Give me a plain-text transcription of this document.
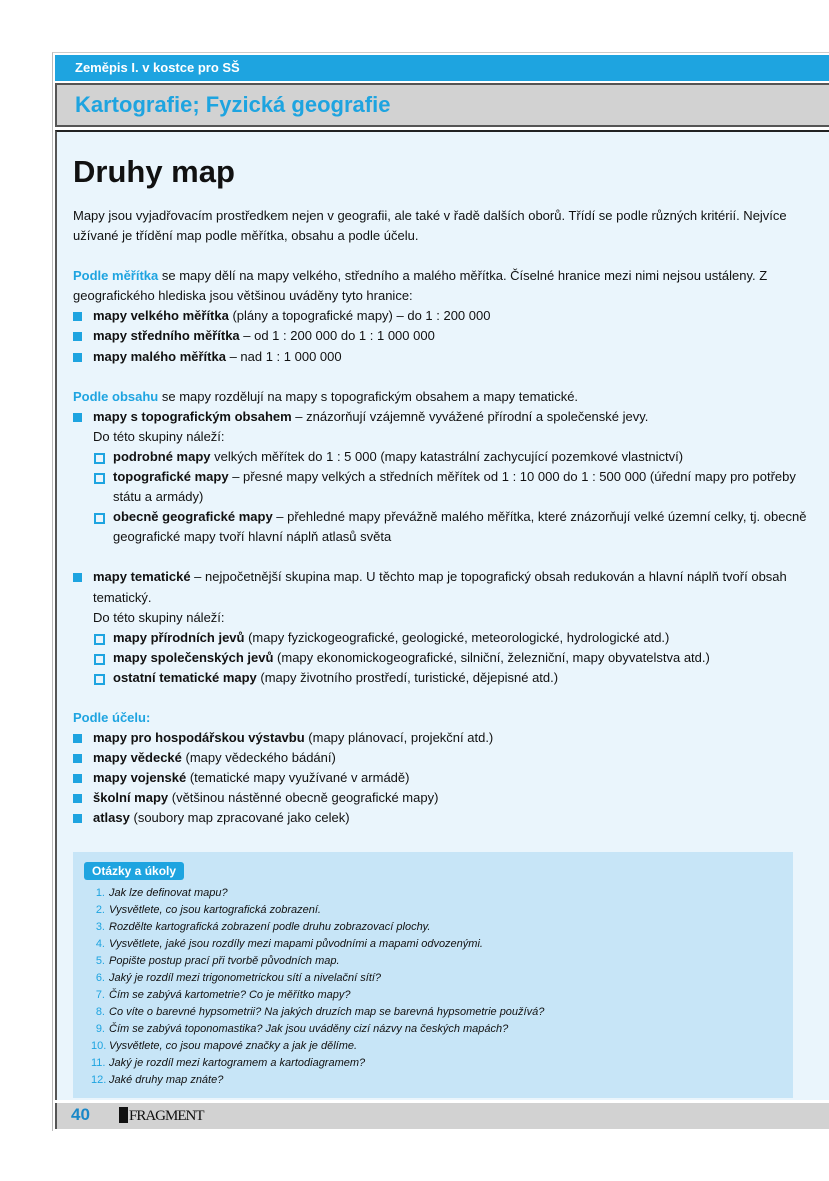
Zeměpis I. v kostce pro SŠ
Kartografie; Fyzická geografie
40	FRAGMENT
Druhy map

Mapy jsou vyjadřovacím prostředkem nejen v geografii, ale také v řadě dalších oborů. Třídí se podle různých kritérií. Nejvíce užívané je třídění map podle měřítka, obsahu a podle účelu.

Podle měřítka se mapy dělí na mapy velkého, středního a malého měřítka. Číselné hranice mezi nimi nejsou ustáleny. Z geografického hlediska jsou většinou uváděny tyto hranice:

mapy velkého měřítka (plány a topografické mapy) – do 1 : 200 000
mapy středního měřítka – od 1 : 200 000 do 1 : 1 000 000
mapy malého měřítka – nad 1 : 1 000 000

Podle obsahu se mapy rozdělují na mapy s topografickým obsahem a mapy tematické.

mapy s topografickým obsahem – znázorňují vzájemně vyvážené přírodní a společenské jevy.
Do této skupiny náleží:
podrobné mapy velkých měřítek do 1 : 5 000 (mapy katastrální zachycující pozemkové vlastnictví)
topografické mapy – přesné mapy velkých a středních měřítek od 1 : 10 000 do 1 : 500 000 (úřední mapy pro potřeby státu a armády)
obecně geografické mapy – přehledné mapy převážně malého měřítka, které znázorňují velké územní celky, tj. obecně geografické mapy tvoří hlavní náplň atlasů světa
mapy tematické – nejpočetnější skupina map. U těchto map je topografický obsah redukován a hlavní náplň tvoří obsah tematický.
Do této skupiny náleží:
mapy přírodních jevů (mapy fyzickogeografické, geologické, meteorologické, hydrologické atd.)
mapy společenských jevů (mapy ekonomickogeografické, silniční, železniční, mapy obyvatelstva atd.)
ostatní tematické mapy (mapy životního prostředí, turistické, dějepisné atd.)

Podle účelu:

mapy pro hospodářskou výstavbu (mapy plánovací, projekční atd.)
mapy vědecké (mapy vědeckého bádání)
mapy vojenské (tematické mapy využívané v armádě)
školní mapy (většinou nástěnné obecně geografické mapy)
atlasy (soubory map zpracované jako celek)
Otázky a úkoly
1. Jak lze definovat mapu?
2. Vysvětlete, co jsou kartografická zobrazení.
3. Rozdělte kartografická zobrazení podle druhu zobrazovací plochy.
4. Vysvětlete, jaké jsou rozdíly mezi mapami původními a mapami odvozenými.
5. Popište postup prací při tvorbě původních map.
6. Jaký je rozdíl mezi trigonometrickou sítí a nivelační sítí?
7. Čím se zabývá kartometrie? Co je měřítko mapy?
8. Co víte o barevné hypsometrii? Na jakých druzích map se barevná hypsometrie používá?
9. Čím se zabývá toponomastika? Jak jsou uváděny cizí názvy na českých mapách?
10. Vysvětlete, co jsou mapové značky a jak je dělíme.
11. Jaký je rozdíl mezi kartogramem a kartodiagramem?
12. Jaké druhy map znáte?
